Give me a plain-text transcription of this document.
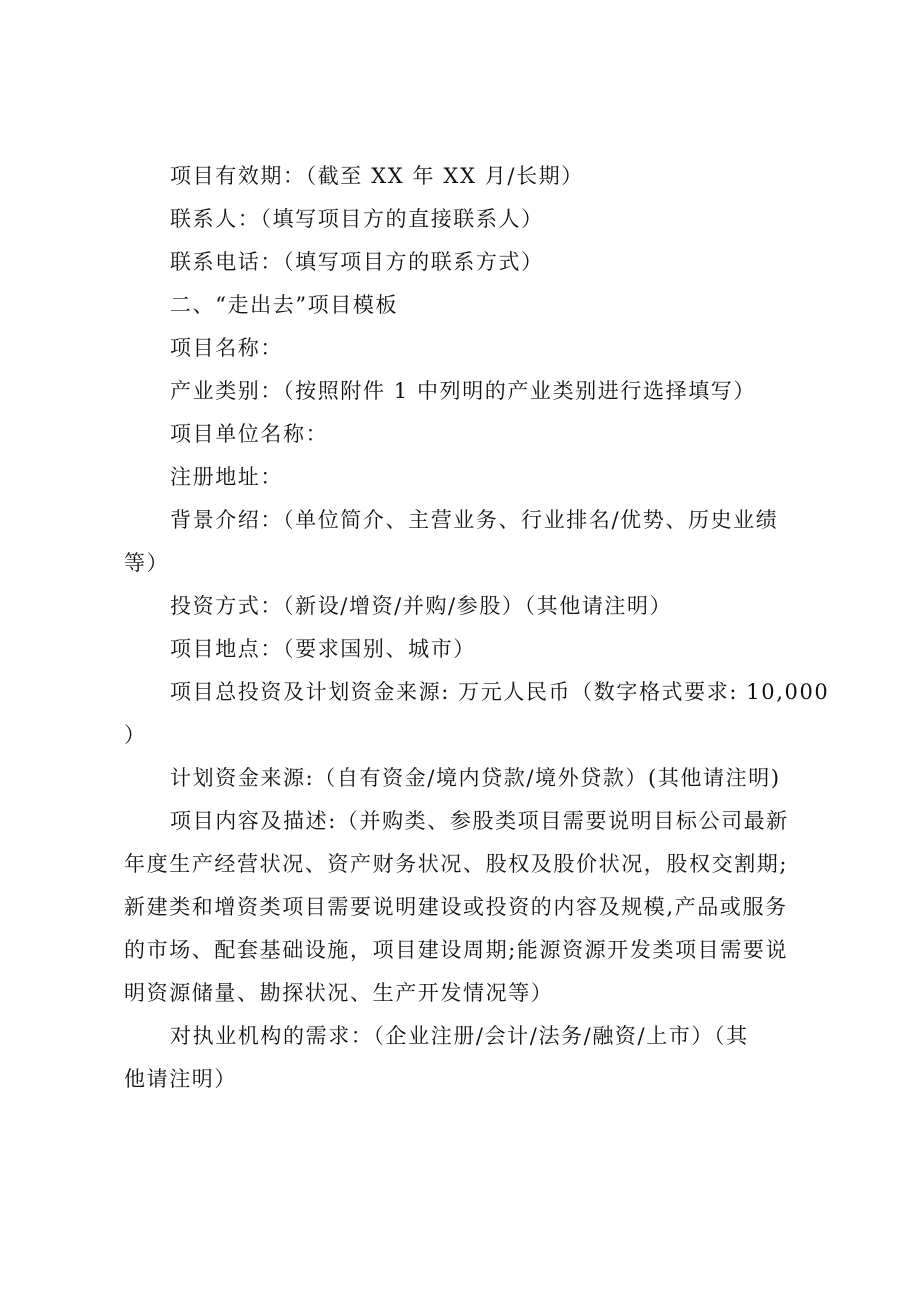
项目有效期：（截至 XX 年 XX 月/长期）
联系人：（填写项目方的直接联系人）
联系电话：（填写项目方的联系方式）
二、“走出去”项目模板
项目名称：
产业类别：（按照附件 1 中列明的产业类别进行选择填写）
项目单位名称：
注册地址：
背景介绍：（单位简介、主营业务、行业排名/优势、历史业绩
等）
投资方式：（新设/增资/并购/参股）（其他请注明）
项目地点：（要求国别、城市）
项目总投资及计划资金来源: 万元人民币（数字格式要求: 10,000
）
计划资金来源:（自有资金/境内贷款/境外贷款）(其他请注明)
项目内容及描述:（并购类、参股类项目需要说明目标公司最新
年度生产经营状况、资产财务状况、股权及股价状况，股权交割期;
新建类和增资类项目需要说明建设或投资的内容及规模,产品或服务
的市场、配套基础设施，项目建设周期;能源资源开发类项目需要说
明资源储量、勘探状况、生产开发情况等）
对执业机构的需求：（企业注册/会计/法务/融资/上市）（其
他请注明）
